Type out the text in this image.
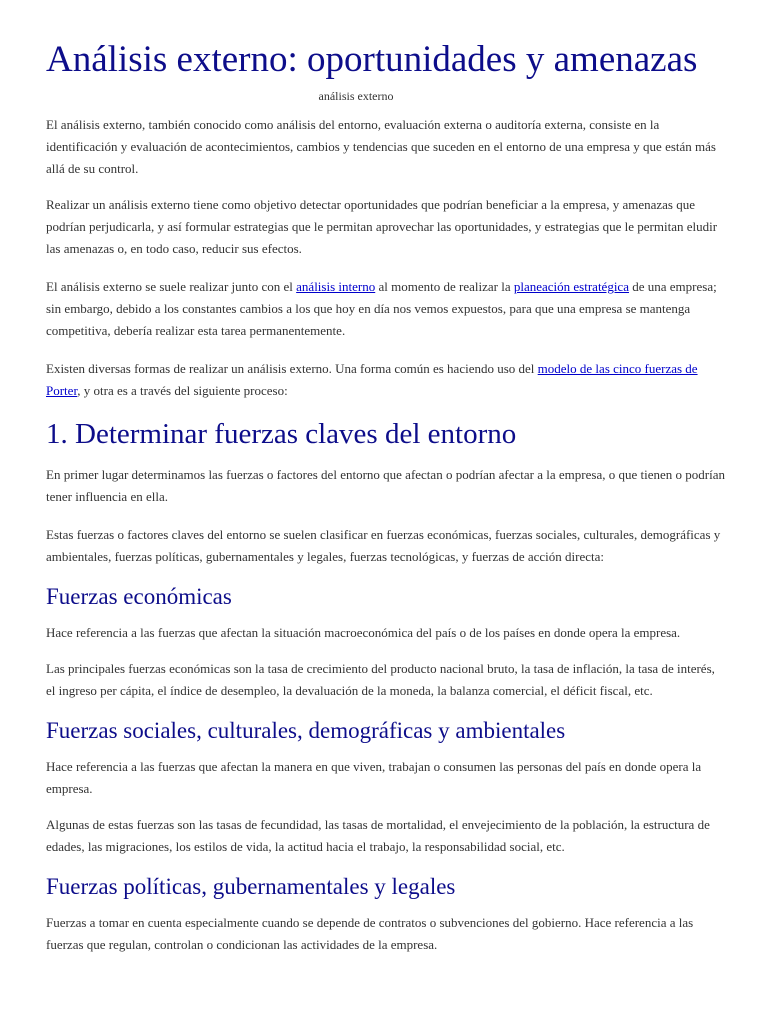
Análisis externo: oportunidades y amenazas
análisis externo

El análisis externo, también conocido como análisis del entorno, evaluación externa o auditoría externa, consiste en la identificación y evaluación de acontecimientos, cambios y tendencias que suceden en el entorno de una empresa y que están más allá de su control.

Realizar un análisis externo tiene como objetivo detectar oportunidades que podrían beneficiar a la empresa, y amenazas que podrían perjudicarla, y así formular estrategias que le permitan aprovechar las oportunidades, y estrategias que le permitan eludir las amenazas o, en todo caso, reducir sus efectos.

El análisis externo se suele realizar junto con el análisis interno al momento de realizar la planeación estratégica de una empresa; sin embargo, debido a los constantes cambios a los que hoy en día nos vemos expuestos, para que una empresa se mantenga competitiva, debería realizar esta tarea permanentemente.

Existen diversas formas de realizar un análisis externo. Una forma común es haciendo uso del modelo de las cinco fuerzas de Porter, y otra es a través del siguiente proceso:

1. Determinar fuerzas claves del entorno

En primer lugar determinamos las fuerzas o factores del entorno que afectan o podrían afectar a la empresa, o que tienen o podrían tener influencia en ella.

Estas fuerzas o factores claves del entorno se suelen clasificar en fuerzas económicas, fuerzas sociales, culturales, demográficas y ambientales, fuerzas políticas, gubernamentales y legales, fuerzas tecnológicas, y fuerzas de acción directa:

Fuerzas económicas

Hace referencia a las fuerzas que afectan la situación macroeconómica del país o de los países en donde opera la empresa.

Las principales fuerzas económicas son la tasa de crecimiento del producto nacional bruto, la tasa de inflación, la tasa de interés, el ingreso per cápita, el índice de desempleo, la devaluación de la moneda, la balanza comercial, el déficit fiscal, etc.

Fuerzas sociales, culturales, demográficas y ambientales

Hace referencia a las fuerzas que afectan la manera en que viven, trabajan o consumen las personas del país en donde opera la empresa.

Algunas de estas fuerzas son las tasas de fecundidad, las tasas de mortalidad, el envejecimiento de la población, la estructura de edades, las migraciones, los estilos de vida, la actitud hacia el trabajo, la responsabilidad social, etc.

Fuerzas políticas, gubernamentales y legales

Fuerzas a tomar en cuenta especialmente cuando se depende de contratos o subvenciones del gobierno. Hace referencia a las fuerzas que regulan, controlan o condicionan las actividades de la empresa.
